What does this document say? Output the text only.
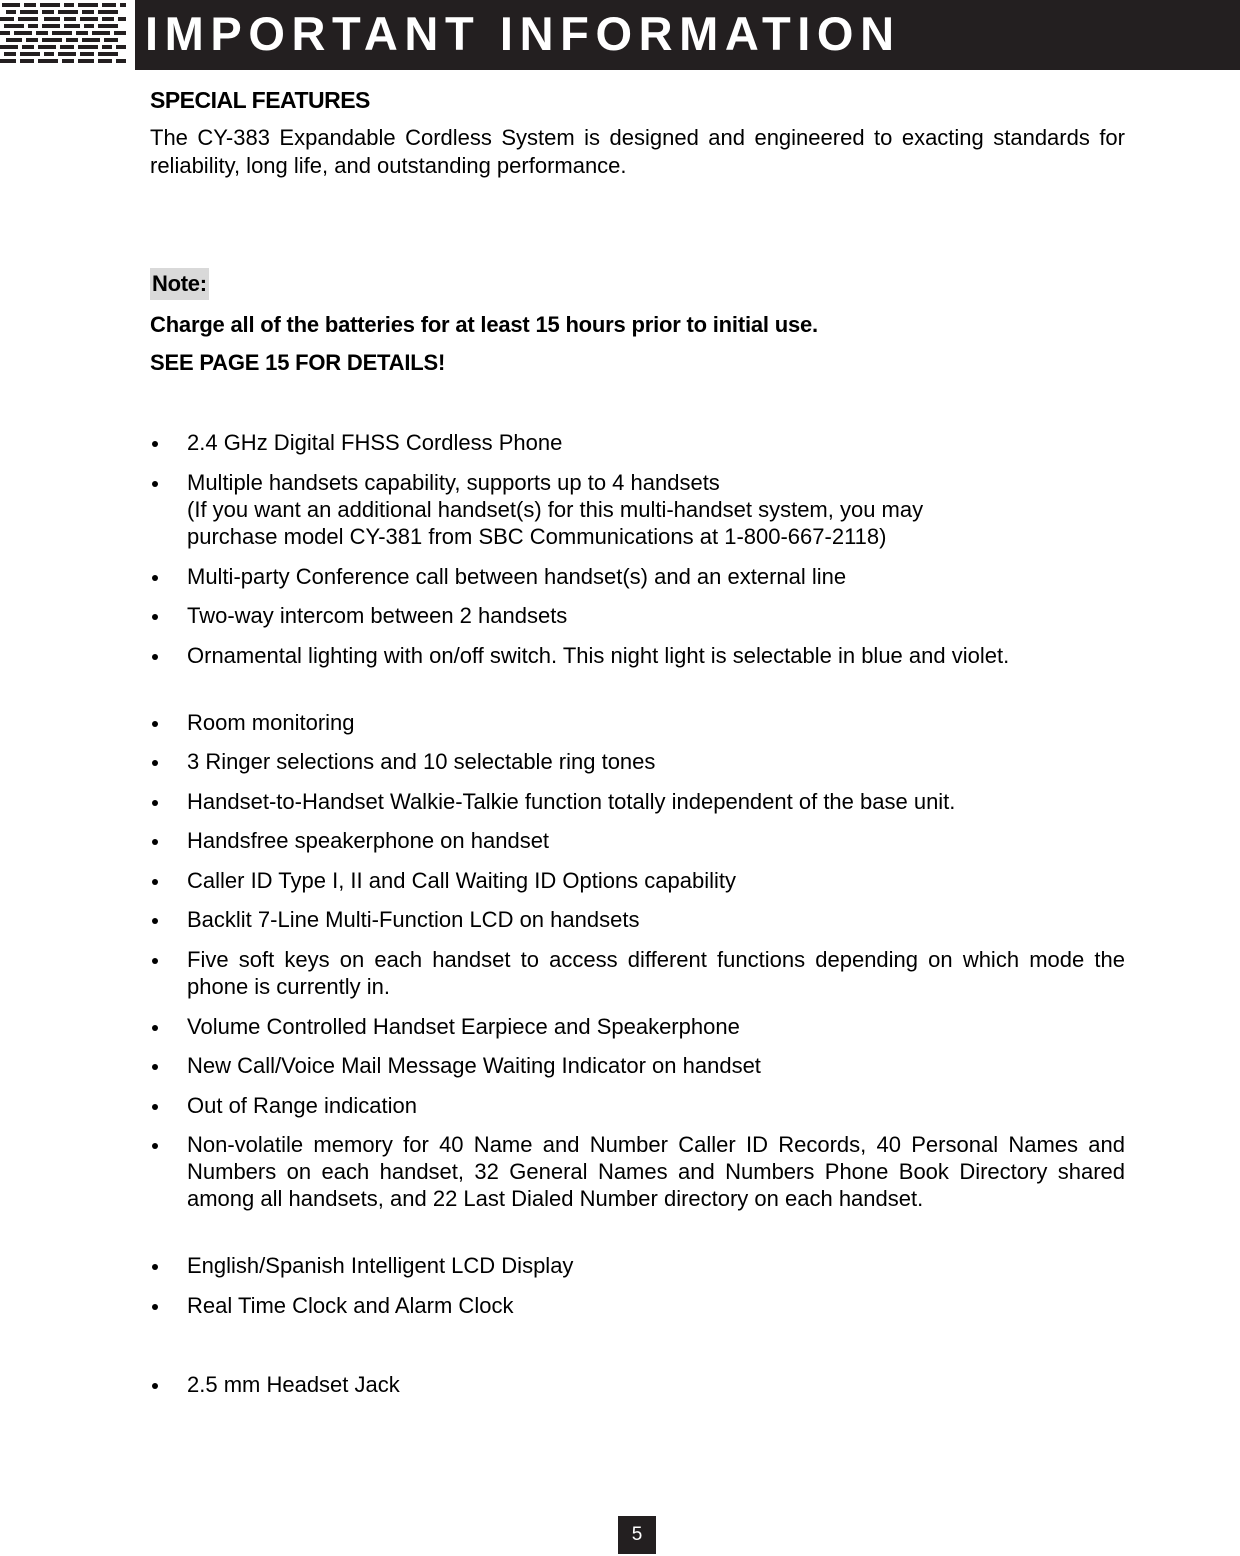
IMPORTANT INFORMATION
SPECIAL FEATURES
The CY-383 Expandable Cordless System is designed and engineered to exacting standards for reliability, long life, and outstanding performance.
Note:
Charge all of the batteries for at least 15 hours prior to initial use.
SEE PAGE 15 FOR DETAILS!
2.4 GHz Digital FHSS Cordless Phone
Multiple handsets capability, supports up to 4 handsets
(If you want an additional handset(s) for this multi-handset system, you may
purchase model CY-381 from SBC Communications at 1-800-667-2118)
Multi-party Conference call between handset(s) and an external line
Two-way intercom between 2 handsets
Ornamental lighting with on/off switch. This night light is selectable in blue and violet.
Room monitoring
3 Ringer selections and 10 selectable ring tones
Handset-to-Handset Walkie-Talkie function totally independent of the base unit.
Handsfree speakerphone on handset
Caller ID Type I, II and Call Waiting ID Options capability
Backlit 7-Line Multi-Function LCD on handsets
Five soft keys on each handset to access different functions depending on which mode the phone is currently in.
Volume Controlled Handset Earpiece and Speakerphone
New Call/Voice Mail Message Waiting Indicator on handset
Out of Range indication
Non-volatile memory for 40 Name and Number Caller ID Records, 40 Personal Names and Numbers on each handset, 32 General Names and Numbers Phone Book Directory shared among all handsets, and 22 Last Dialed Number directory on each handset.
English/Spanish Intelligent LCD Display
Real Time Clock and Alarm Clock
2.5 mm Headset Jack
5
